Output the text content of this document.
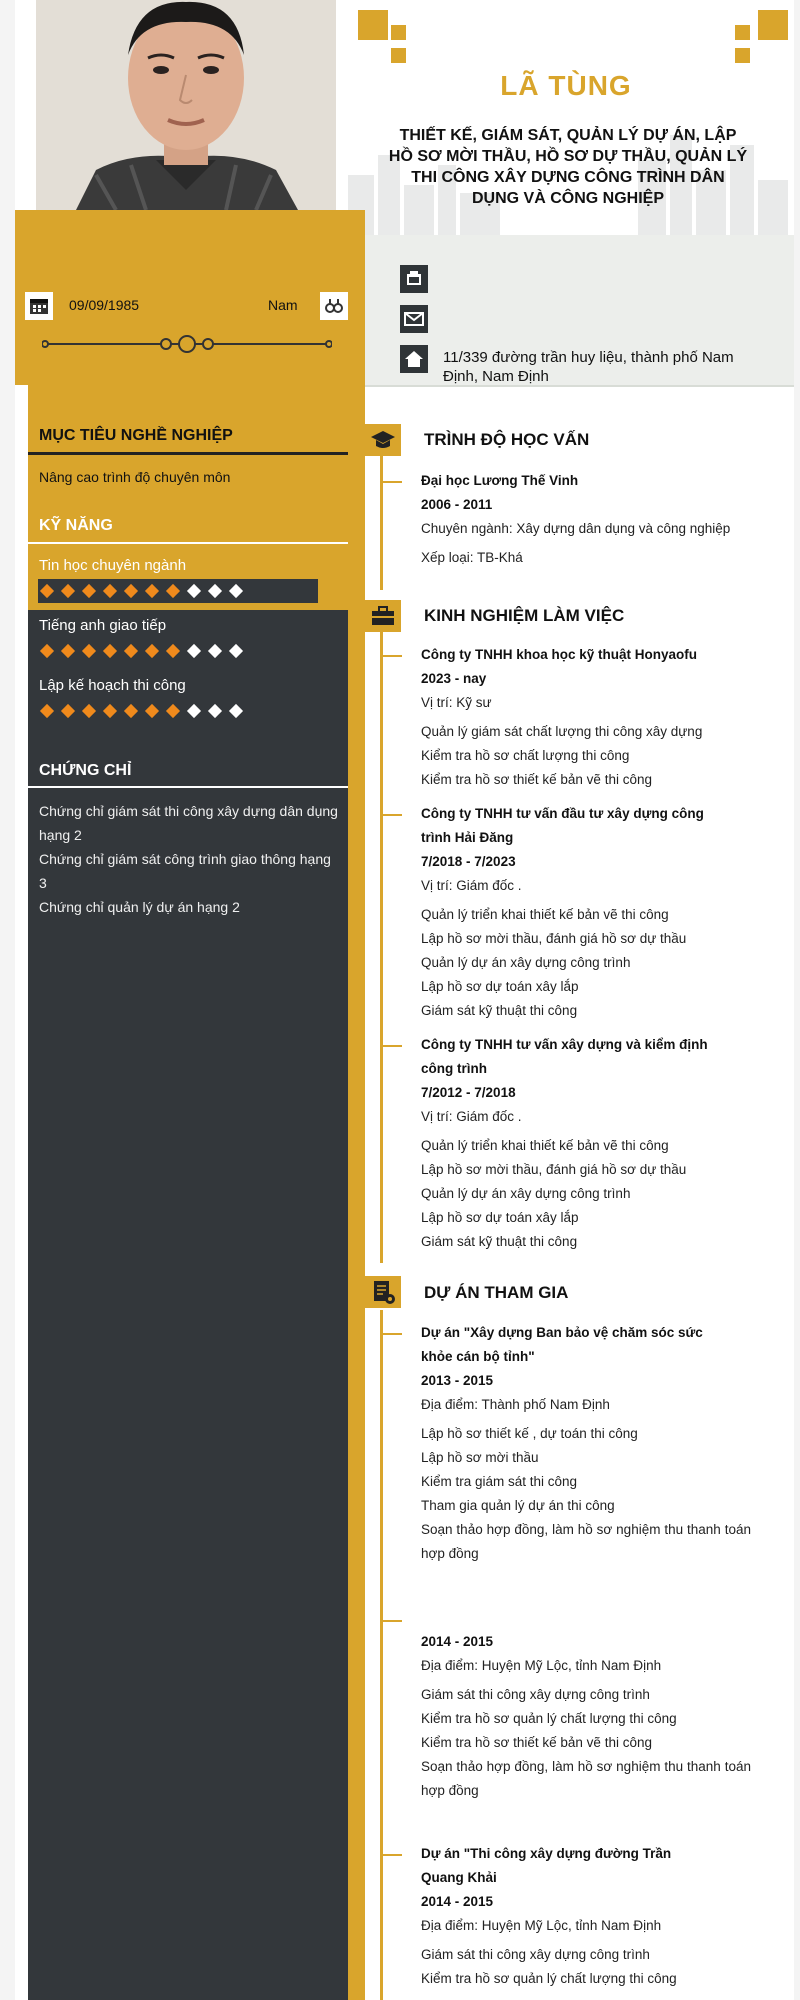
LÃ TÙNG
THIẾT KẾ, GIÁM SÁT, QUẢN LÝ DỰ ÁN, LẬP HỒ SƠ MỜI THẦU, HỒ SƠ DỰ THẦU, QUẢN LÝ THI CÔNG XÂY DỰNG CÔNG TRÌNH DÂN DỤNG VÀ CÔNG NGHIỆP
09/09/1985	Nam
11/339 đường trần huy liệu, thành phố Nam Định, Nam Định
MỤC TIÊU NGHỀ NGHIỆP
Nâng cao trình độ chuyên môn
KỸ NĂNG
Tin học chuyên ngành
Tiếng anh giao tiếp
Lập kế hoạch thi công
CHỨNG CHỈ
Chứng chỉ giám sát thi công xây dựng dân dụng hạng 2
Chứng chỉ giám sát công trình giao thông hạng 3
Chứng chỉ quản lý dự án hạng 2
TRÌNH ĐỘ HỌC VẤN
Đại học Lương Thế Vinh
2006 - 2011
Chuyên ngành: Xây dựng dân dụng và công nghiệp
Xếp loại: TB-Khá
KINH NGHIỆM LÀM VIỆC
Công ty TNHH khoa học kỹ thuật Honyaofu
2023 - nay
Vị trí: Kỹ sư
Quản lý giám sát chất lượng thi công xây dựng
Kiểm tra hồ sơ chất lượng thi công
Kiểm tra hồ sơ thiết kế bản vẽ thi công
Công ty TNHH tư vấn đầu tư xây dựng công trình Hải Đăng
7/2018 - 7/2023
Vị trí: Giám đốc .
Quản lý triển khai thiết kế bản vẽ thi công
Lập hồ sơ mời thầu, đánh giá hồ sơ dự thầu
Quản lý dự án xây dựng công trình
Lập hồ sơ dự toán xây lắp
Giám sát kỹ thuật thi công
Công ty TNHH tư vấn xây dựng và kiểm định công trình
7/2012 - 7/2018
Vị trí: Giám đốc .
Quản lý triển khai thiết kế bản vẽ thi công
Lập hồ sơ mời thầu, đánh giá hồ sơ dự thầu
Quản lý dự án xây dựng công trình
Lập hồ sơ dự toán xây lắp
Giám sát kỹ thuật thi công
DỰ ÁN THAM GIA
Dự án "Xây dựng Ban bảo vệ chăm sóc sức khỏe cán bộ tỉnh"
2013 - 2015
Địa điểm: Thành phố Nam Định
Lập hồ sơ thiết kế , dự toán thi công
Lập hồ sơ mời thầu
Kiểm tra giám sát thi công
Tham gia quản lý dự án thi công
Soạn thảo hợp đồng, làm hồ sơ nghiệm thu thanh toán hợp đồng
2014 - 2015
Địa điểm: Huyện Mỹ Lộc, tỉnh Nam Định
Giám sát thi công xây dựng công trình
Kiểm tra hồ sơ quản lý chất lượng thi công
Kiểm tra hồ sơ thiết kế bản vẽ thi công
Soạn thảo hợp đồng, làm hồ sơ nghiệm thu thanh toán hợp đồng
Dự án "Thi công xây dựng đường Trần Quang Khải
2014 - 2015
Địa điểm: Huyện Mỹ Lộc, tỉnh Nam Định
Giám sát thi công xây dựng công trình
Kiểm tra hồ sơ quản lý chất lượng thi công
